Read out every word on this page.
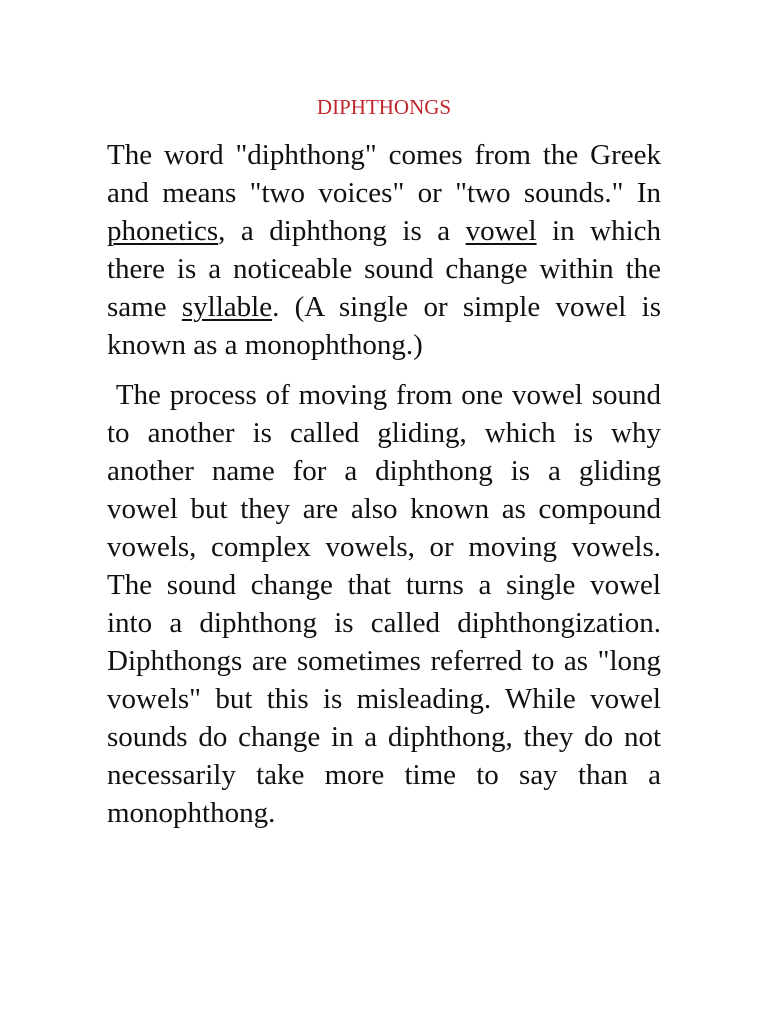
DIPHTHONGS

The word "diphthong" comes from the Greek and means "two voices" or "two sounds." In phonetics, a diphthong is a vowel in which there is a noticeable sound change within the same syllable. (A single or simple vowel is known as a monophthong.)

The process of moving from one vowel sound to another is called gliding, which is why another name for a diphthong is a gliding vowel but they are also known as compound vowels, complex vowels, or moving vowels. The sound change that turns a single vowel into a diphthong is called diphthongization. Diphthongs are sometimes referred to as "long vowels" but this is misleading. While vowel sounds do change in a diphthong, they do not necessarily take more time to say than a monophthong.
